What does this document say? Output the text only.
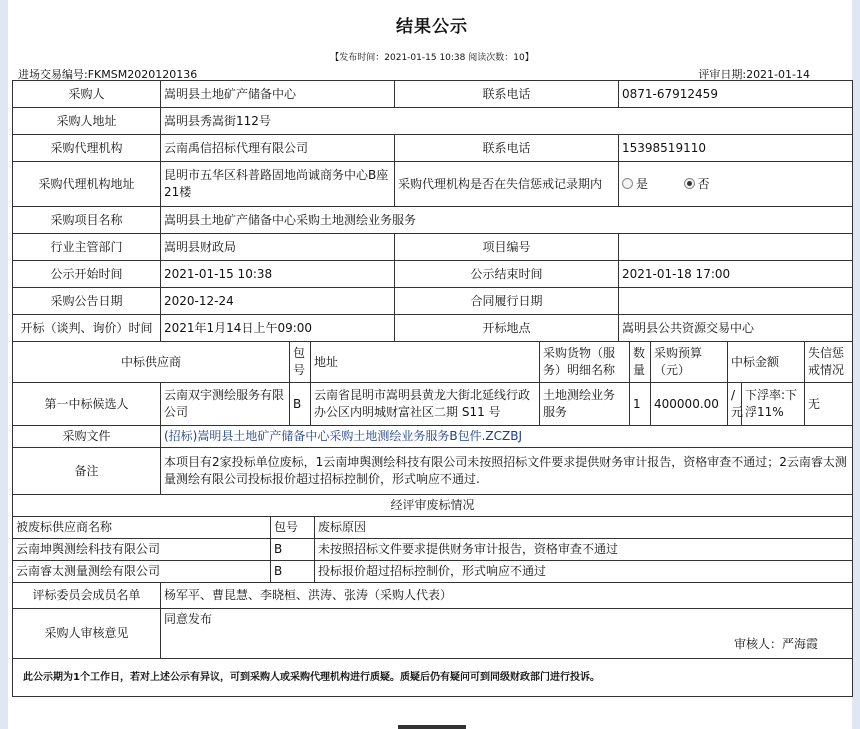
结果公示
【发布时间：2021-01-15 10:38 阅读次数：10】
进场交易编号:FKMSM2020120136	评审日期:2021-01-14
采购人	嵩明县土地矿产储备中心	联系电话	0871-67912459
采购人地址	嵩明县秀嵩街112号		
采购代理机构	云南禹信招标代理有限公司	联系电话	15398519110
采购代理机构地址	昆明市五华区科普路固地尚诚商务中心B座21楼	采购代理机构是否在失信惩戒记录期内	是 否
采购项目名称	嵩明县土地矿产储备中心采购土地测绘业务服务		
行业主管部门	嵩明县财政局	项目编号	
公示开始时间	2021-01-15 10:38	公示结束时间	2021-01-18 17:00
采购公告日期	2020-12-24	合同履行日期	
开标（谈判、询价）时间	2021年1月14日上午09:00	开标地点	嵩明县公共资源交易中心
中标供应商		包号	地址	采购货物（服务）明细名称	数量	采购预算（元）	中标金额		失信惩戒情况
第一中标候选人	云南双宇测绘服务有限公司	B	云南省昆明市嵩明县黄龙大街北延线行政办公区内明城财富社区二期 S11 号	土地测绘业务服务	1	400000.00	/元	下浮率:下浮11%	无
采购文件	(招标)嵩明县土地矿产储备中心采购土地测绘业务服务B包件.ZCZBJ
备注	本项目有2家投标单位废标，1云南坤舆测绘科技有限公司未按照招标文件要求提供财务审计报告，资格审查不通过；2云南睿太测量测绘有限公司投标报价超过招标控制价，形式响应不通过.
经评审废标情况		
被废标供应商名称	包号	废标原因
云南坤舆测绘科技有限公司	B	未按照招标文件要求提供财务审计报告，资格审查不通过
云南睿太测量测绘有限公司	B	投标报价超过招标控制价，形式响应不通过
评标委员会成员名单	杨军平、曹昆慧、李晓桓、洪涛、张涛（采购人代表）
采购人审核意见	同意发布
审核人：严海霞

此公示期为1个工作日，若对上述公示有异议，可到采购人或采购代理机构进行质疑。质疑后仍有疑问可到同级财政部门进行投诉。	
